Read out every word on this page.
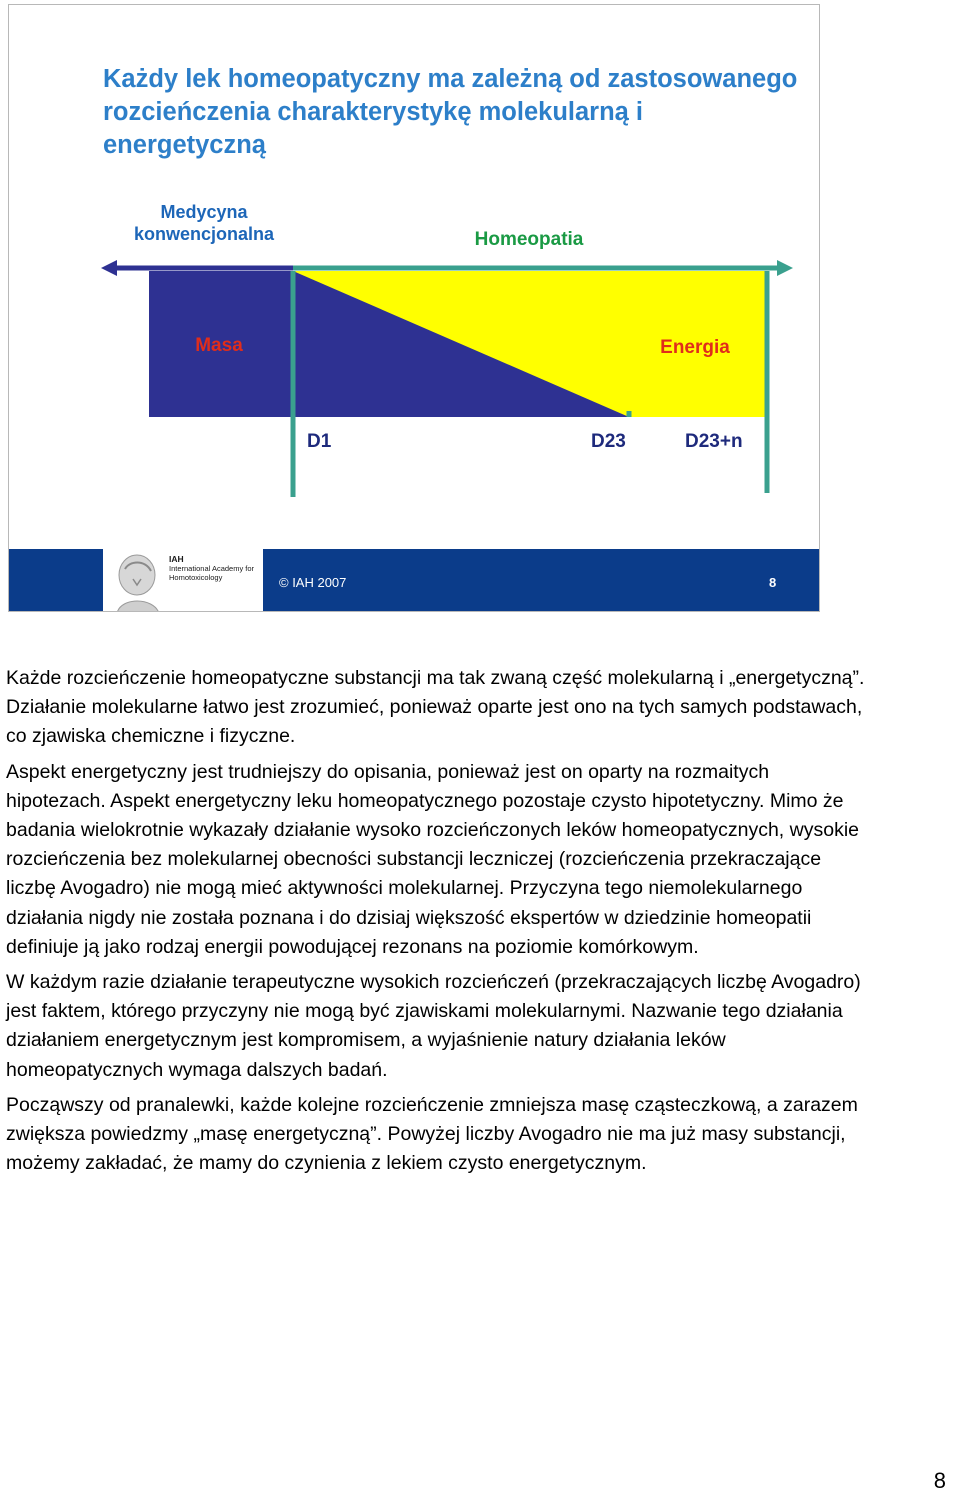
Każdy lek homeopatyczny ma zależną od zastosowanego rozcieńczenia charakterystykę molekularną i energetyczną
Medycyna konwencjonalna	Homeopatia
Masa	Energia
D1	D23	D23+n
IAH
International Academy for Homotoxicology	© IAH 2007	8

Każde rozcieńczenie homeopatyczne substancji ma tak zwaną część molekularną i „energetyczną”. Działanie molekularne łatwo jest zrozumieć, ponieważ oparte jest ono na tych samych podstawach, co zjawiska chemiczne i fizyczne.

Aspekt energetyczny jest trudniejszy do opisania, ponieważ jest on oparty na rozmaitych hipotezach. Aspekt energetyczny leku homeopatycznego pozostaje czysto hipotetyczny. Mimo że badania wielokrotnie wykazały działanie wysoko rozcieńczonych leków homeopatycznych, wysokie rozcieńczenia bez molekularnej obecności substancji leczniczej (rozcieńczenia przekraczające liczbę Avogadro) nie mogą mieć aktywności molekularnej. Przyczyna tego niemolekularnego działania nigdy nie została poznana i do dzisiaj większość ekspertów w dziedzinie homeopatii definiuje ją jako rodzaj energii powodującej rezonans na poziomie komórkowym.

W każdym razie działanie terapeutyczne wysokich rozcieńczeń (przekraczających liczbę Avogadro) jest faktem, którego przyczyny nie mogą być zjawiskami molekularnymi. Nazwanie tego działania działaniem energetycznym jest kompromisem, a wyjaśnienie natury działania leków homeopatycznych wymaga dalszych badań.

Począwszy od pranalewki, każde kolejne rozcieńczenie zmniejsza masę cząsteczkową, a zarazem zwiększa powiedzmy „masę energetyczną”. Powyżej liczby Avogadro nie ma już masy substancji, możemy zakładać, że mamy do czynienia z lekiem czysto energetycznym.

8
